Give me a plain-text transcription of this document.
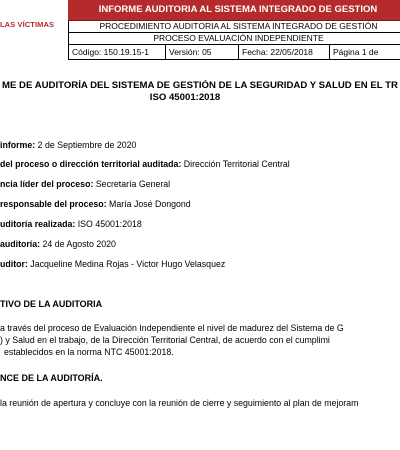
LAS VÍCTIMAS
INFORME AUDITORIA AL SISTEMA INTEGRADO DE GESTION
PROCEDIMIENTO AUDITORIA AL SISTEMA INTEGRADO DE GESTIÓN
PROCESO EVALUACIÓN INDEPENDIENTE
Código: 150.19.15-1	Versión: 05	Fecha: 22/05/2018	Página 1 de
ME DE AUDITORÍA DEL SISTEMA DE GESTIÓN DE LA SEGURIDAD Y SALUD EN EL TR
ISO 45001:2018
informe: 2 de Septiembre de 2020
del proceso o dirección territorial auditada: Dirección Territorial Central
ncia líder del proceso: Secretaría General
responsable del proceso: María José Dongond
uditoría realizada: ISO 45001:2018
auditoría: 24 de Agosto 2020
uditor: Jacqueline Medina Rojas - Victor Hugo Velasquez
TIVO DE LA AUDITORIA
a través del proceso de Evaluación Independiente el nivel de madurez del Sistema de G
) y Salud en el trabajo, de la Dirección Territorial Central, de acuerdo con el cumplimi
establecidos en la norma NTC 45001:2018.
NCE DE LA AUDITORÍA.
la reunión de apertura y concluye con la reunión de cierre y seguimiento al plan de mejoram
